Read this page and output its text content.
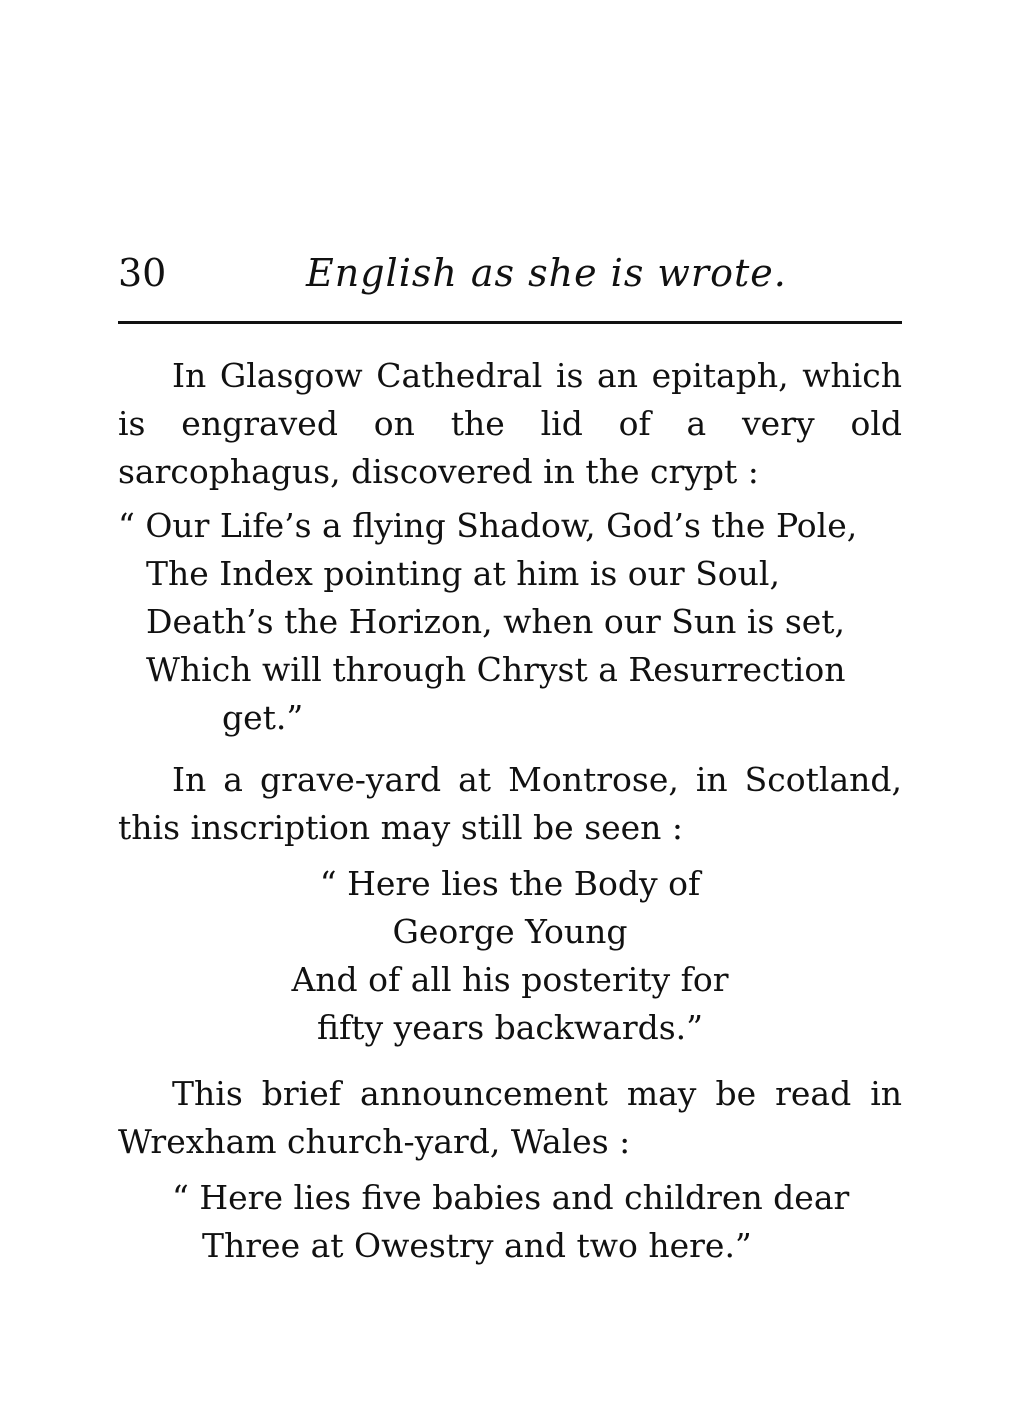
30	English as she is wrote.

In Glasgow Cathedral is an epitaph, which is engraved on the lid of a very old sarcophagus, discovered in the crypt :

“ Our Life’s a flying Shadow, God’s the Pole,
The Index pointing at him is our Soul,
Death’s the Horizon, when our Sun is set,
Which will through Chryst a Resurrection
get.”

In a grave-yard at Montrose, in Scotland, this inscription may still be seen :

“ Here lies the Body of
George Young
And of all his posterity for
fifty years backwards.”

This brief announcement may be read in Wrexham church-yard, Wales :

“ Here lies five babies and children dear
Three at Owestry and two here.”
